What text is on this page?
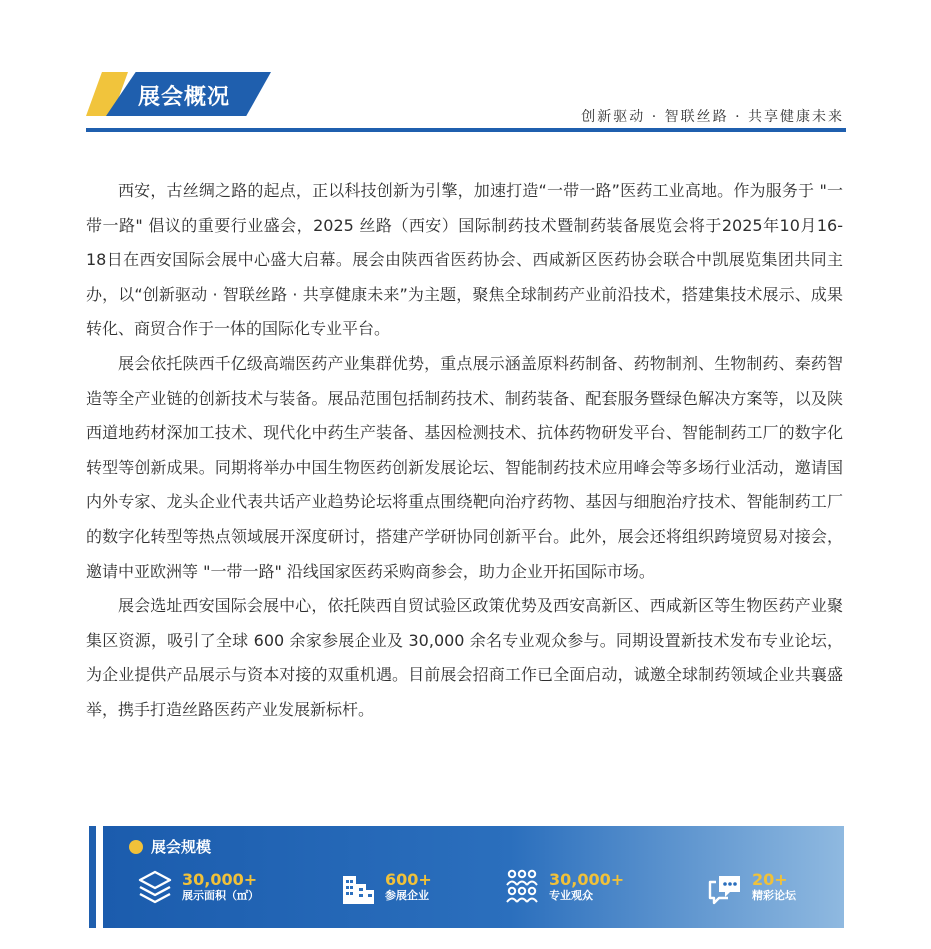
展会概况
创新驱动 · 智联丝路 · 共享健康未来

西安，古丝绸之路的起点，正以科技创新为引擎，加速打造“一带一路”医药工业高地。作为服务于 "一带一路" 倡议的重要行业盛会，2025 丝路（西安）国际制药技术暨制药装备展览会将于2025年10月16-18日在西安国际会展中心盛大启幕。展会由陕西省医药协会、西咸新区医药协会联合中凯展览集团共同主办，以“创新驱动 · 智联丝路 · 共享健康未来”为主题，聚焦全球制药产业前沿技术，搭建集技术展示、成果转化、商贸合作于一体的国际化专业平台。

展会依托陕西千亿级高端医药产业集群优势，重点展示涵盖原料药制备、药物制剂、生物制药、秦药智造等全产业链的创新技术与装备。展品范围包括制药技术、制药装备、配套服务暨绿色解决方案等，以及陕西道地药材深加工技术、现代化中药生产装备、基因检测技术、抗体药物研发平台、智能制药工厂的数字化转型等创新成果。同期将举办中国生物医药创新发展论坛、智能制药技术应用峰会等多场行业活动，邀请国内外专家、龙头企业代表共话产业趋势论坛将重点围绕靶向治疗药物、基因与细胞治疗技术、智能制药工厂的数字化转型等热点领域展开深度研讨，搭建产学研协同创新平台。此外，展会还将组织跨境贸易对接会，邀请中亚欧洲等 "一带一路" 沿线国家医药采购商参会，助力企业开拓国际市场。

展会选址西安国际会展中心，依托陕西自贸试验区政策优势及西安高新区、西咸新区等生物医药产业聚集区资源，吸引了全球 600 余家参展企业及 30,000 余名专业观众参与。同期设置新技术发布专业论坛，为企业提供产品展示与资本对接的双重机遇。目前展会招商工作已全面启动，诚邀全球制药领域企业共襄盛举，携手打造丝路医药产业发展新标杆。

展会规模
30,000+
展示面积（㎡）
600+
参展企业
30,000+
专业观众
20+
精彩论坛
